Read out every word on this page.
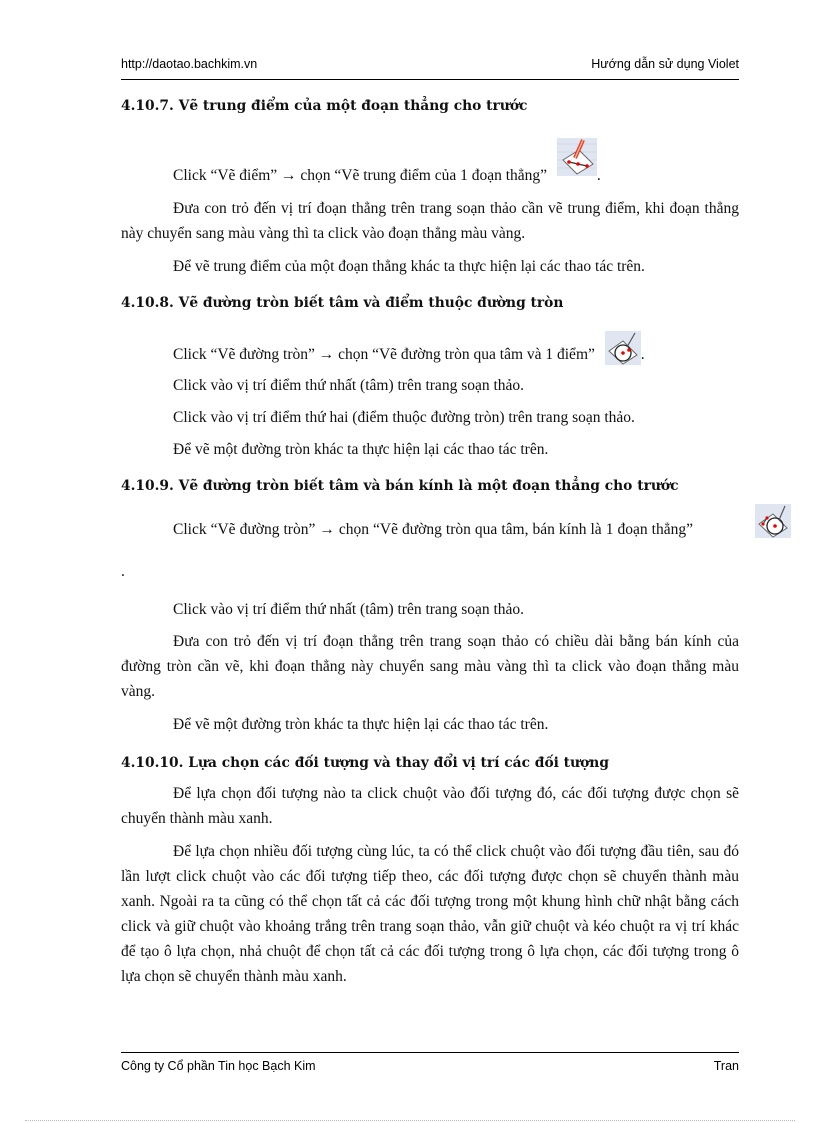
http://daotao.bachkim.vn	Hướng dẫn sử dụng Violet
4.10.7. Vẽ trung điểm của một đoạn thẳng cho trước

Click “Vẽ điểm” → chọn “Vẽ trung điểm của 1 đoạn thẳng”	.

Đưa con trỏ đến vị trí đoạn thẳng trên trang soạn thảo cần vẽ trung điểm, khi đoạn thẳng này chuyển sang màu vàng thì ta click vào đoạn thẳng màu vàng.

Để vẽ trung điểm của một đoạn thẳng khác ta thực hiện lại các thao tác trên.

4.10.8. Vẽ đường tròn biết tâm và điểm thuộc đường tròn

Click “Vẽ đường tròn” → chọn “Vẽ đường tròn qua tâm và 1 điểm”	.

Click vào vị trí điểm thứ nhất (tâm) trên trang soạn thảo.

Click vào vị trí điểm thứ hai (điểm thuộc đường tròn) trên trang soạn thảo.

Để vẽ một đường tròn khác ta thực hiện lại các thao tác trên.

4.10.9. Vẽ đường tròn biết tâm và bán kính là một đoạn thẳng cho trước

Click “Vẽ đường tròn” → chọn “Vẽ đường tròn qua tâm, bán kính là 1 đoạn thẳng” .

Click vào vị trí điểm thứ nhất (tâm) trên trang soạn thảo.

Đưa con trỏ đến vị trí đoạn thẳng trên trang soạn thảo có chiều dài bằng bán kính của đường tròn cần vẽ, khi đoạn thẳng này chuyển sang màu vàng thì ta click vào đoạn thẳng màu vàng.

Để vẽ một đường tròn khác ta thực hiện lại các thao tác trên.

4.10.10. Lựa chọn các đối tượng và thay đổi vị trí các đối tượng

Để lựa chọn đối tượng nào ta click chuột vào đối tượng đó, các đối tượng được chọn sẽ chuyển thành màu xanh.

Để lựa chọn nhiều đối tượng cùng lúc, ta có thể click chuột vào đối tượng đầu tiên, sau đó lần lượt click chuột vào các đối tượng tiếp theo, các đối tượng được chọn sẽ chuyển thành màu xanh. Ngoài ra ta cũng có thể chọn tất cả các đối tượng trong một khung hình chữ nhật bằng cách click và giữ chuột vào khoảng trắng trên trang soạn thảo, vẫn giữ chuột và kéo chuột ra vị trí khác để tạo ô lựa chọn, nhả chuột để chọn tất cả các đối tượng trong ô lựa chọn, các đối tượng trong ô lựa chọn sẽ chuyển thành màu xanh.

Công ty Cổ phần Tin học Bạch Kim	Tran
